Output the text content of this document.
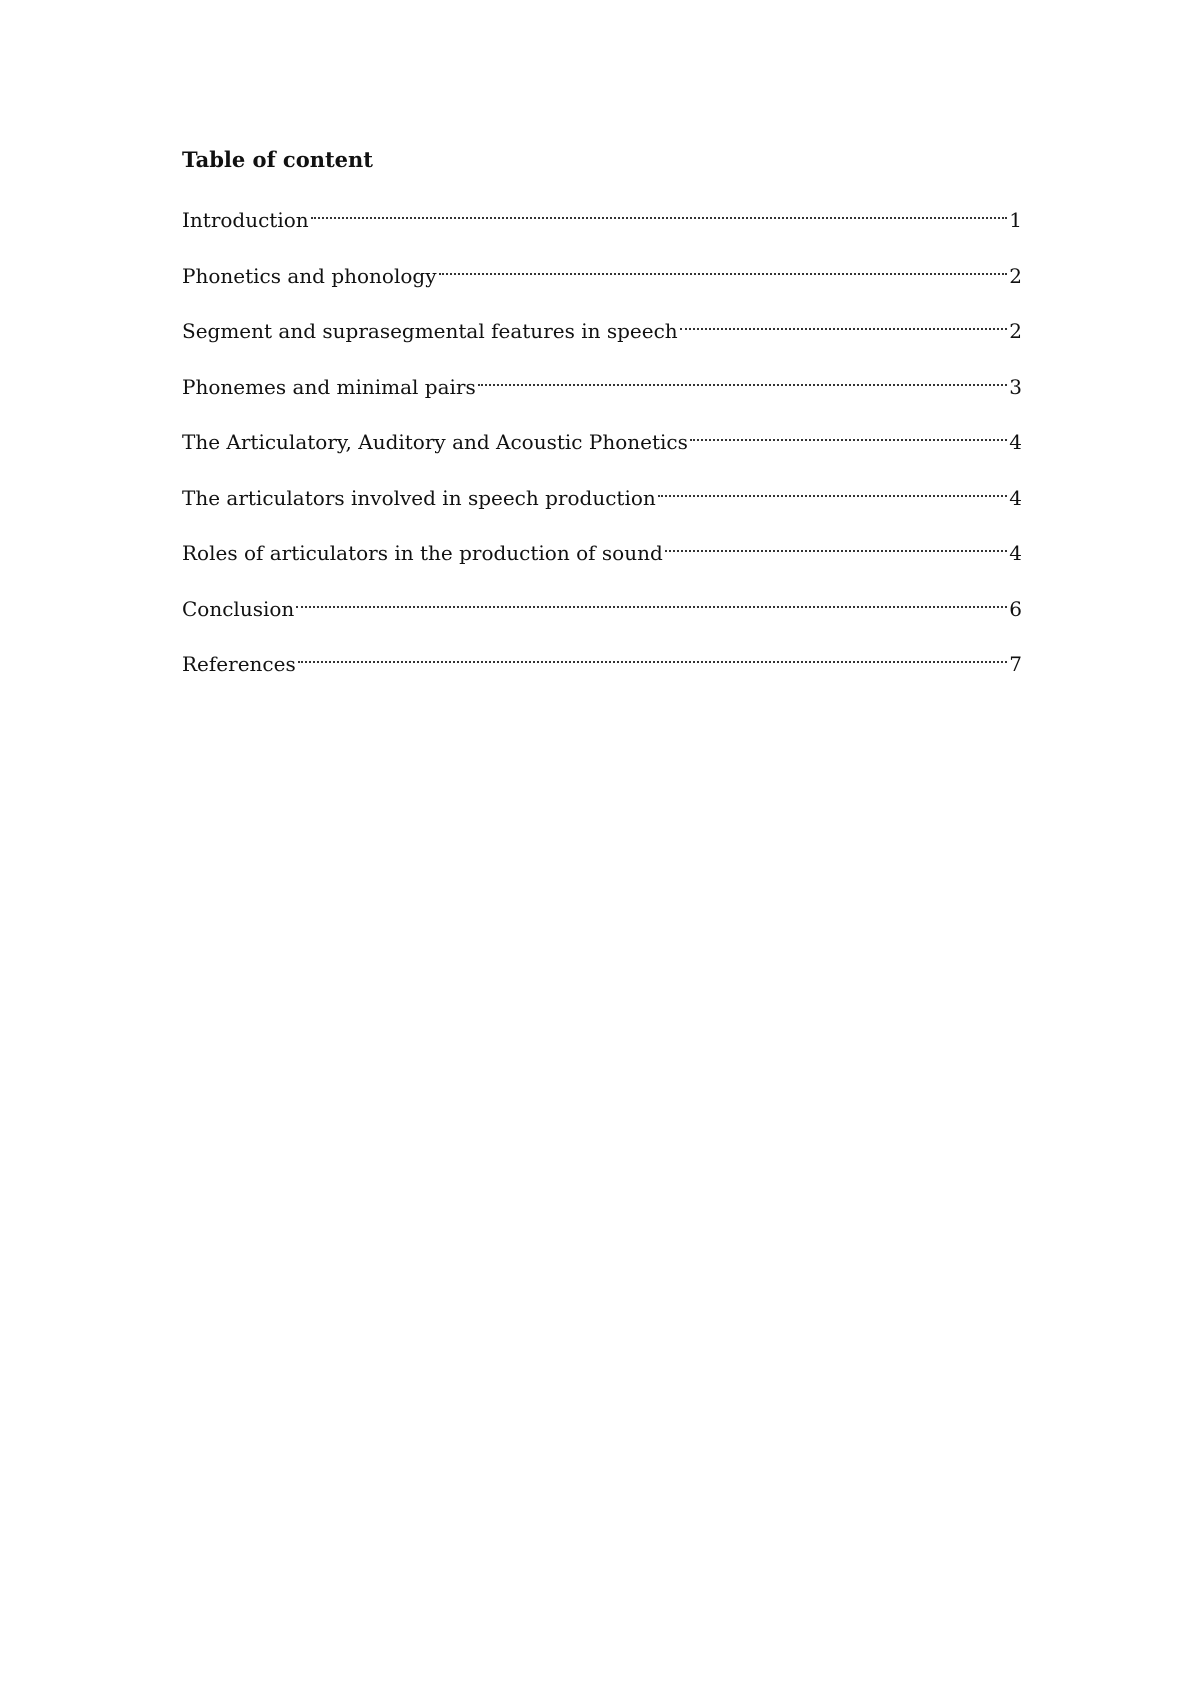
Table of content
Introduction	1
Phonetics and phonology	2
Segment and suprasegmental features in speech	2
Phonemes and minimal pairs	3
The Articulatory, Auditory and Acoustic Phonetics	4
The articulators involved in speech production	4
Roles of articulators in the production of sound	4
Conclusion	6
References	7
